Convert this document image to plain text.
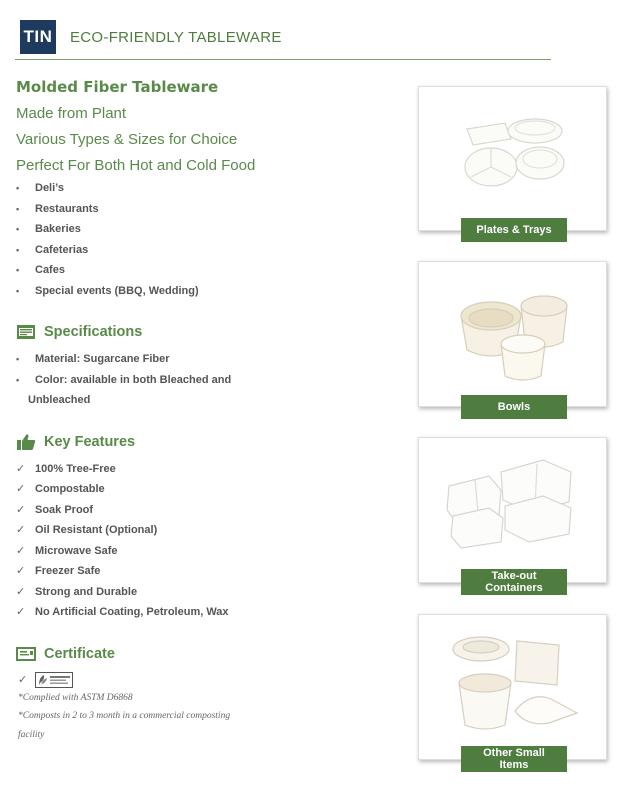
TIN ECO-FRIENDLY TABLEWARE
Molded Fiber Tableware
Made from Plant
Various Types & Sizes for Choice
Perfect For Both Hot and Cold Food
• Deli’s
• Restaurants
• Bakeries
• Cafeterias
• Cafes
• Special events (BBQ, Wedding)
Specifications
• Material: Sugarcane Fiber
• Color: available in both Bleached and
Unbleached
Key Features
✓ 100% Tree-Free
✓ Compostable
✓ Soak Proof
✓ Oil Resistant (Optional)
✓ Microwave Safe
✓ Freezer Safe
✓ Strong and Durable
✓ No Artificial Coating, Petroleum, Wax
Certificate
✓
*Complied with ASTM D6868
*Composts in 2 to 3 month in a commercial composting
facility
Plates & Trays
Bowls
Take-out Containers
Other Small Items
